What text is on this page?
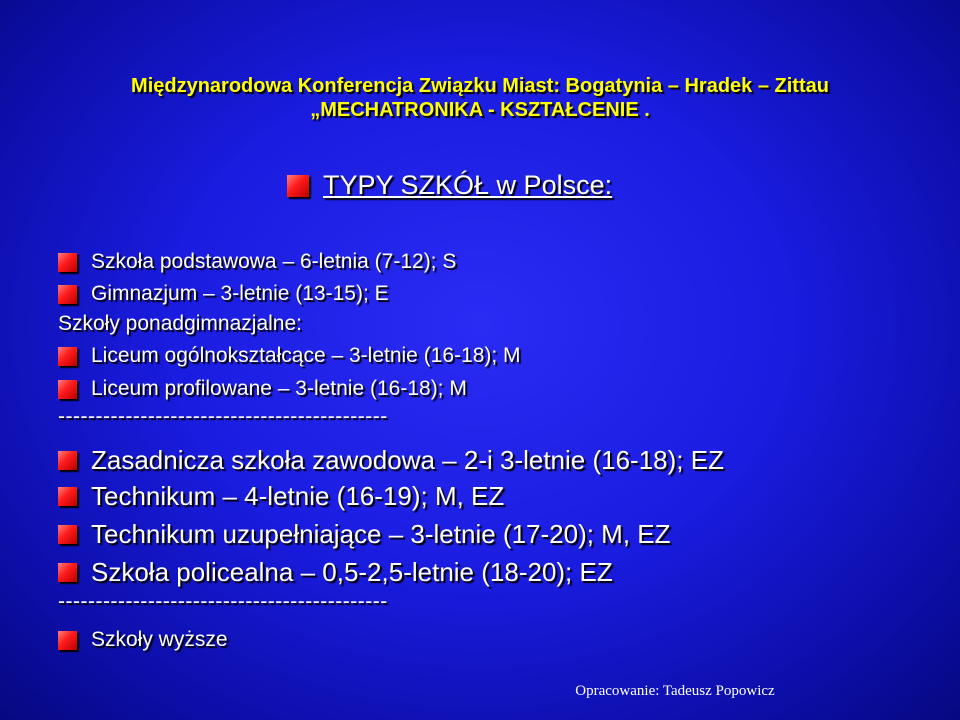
Międzynarodowa Konferencja Związku Miast: Bogatynia – Hradek – Zittau
„MECHATRONIKA - KSZTAŁCENIE .
TYPY SZKÓŁ w Polsce:
Szkoła podstawowa – 6-letnia (7-12); S
Gimnazjum – 3-letnie (13-15); E
Szkoły ponadgimnazjalne:
Liceum ogólnokształcące – 3-letnie (16-18); M
Liceum profilowane – 3-letnie (16-18); M
--------------------------------------------
Zasadnicza szkoła zawodowa – 2-i 3-letnie (16-18); EZ
Technikum – 4-letnie (16-19); M, EZ
Technikum uzupełniające – 3-letnie (17-20); M, EZ
Szkoła policealna – 0,5-2,5-letnie (18-20); EZ
--------------------------------------------
Szkoły wyższe
Opracowanie: Tadeusz Popowicz
